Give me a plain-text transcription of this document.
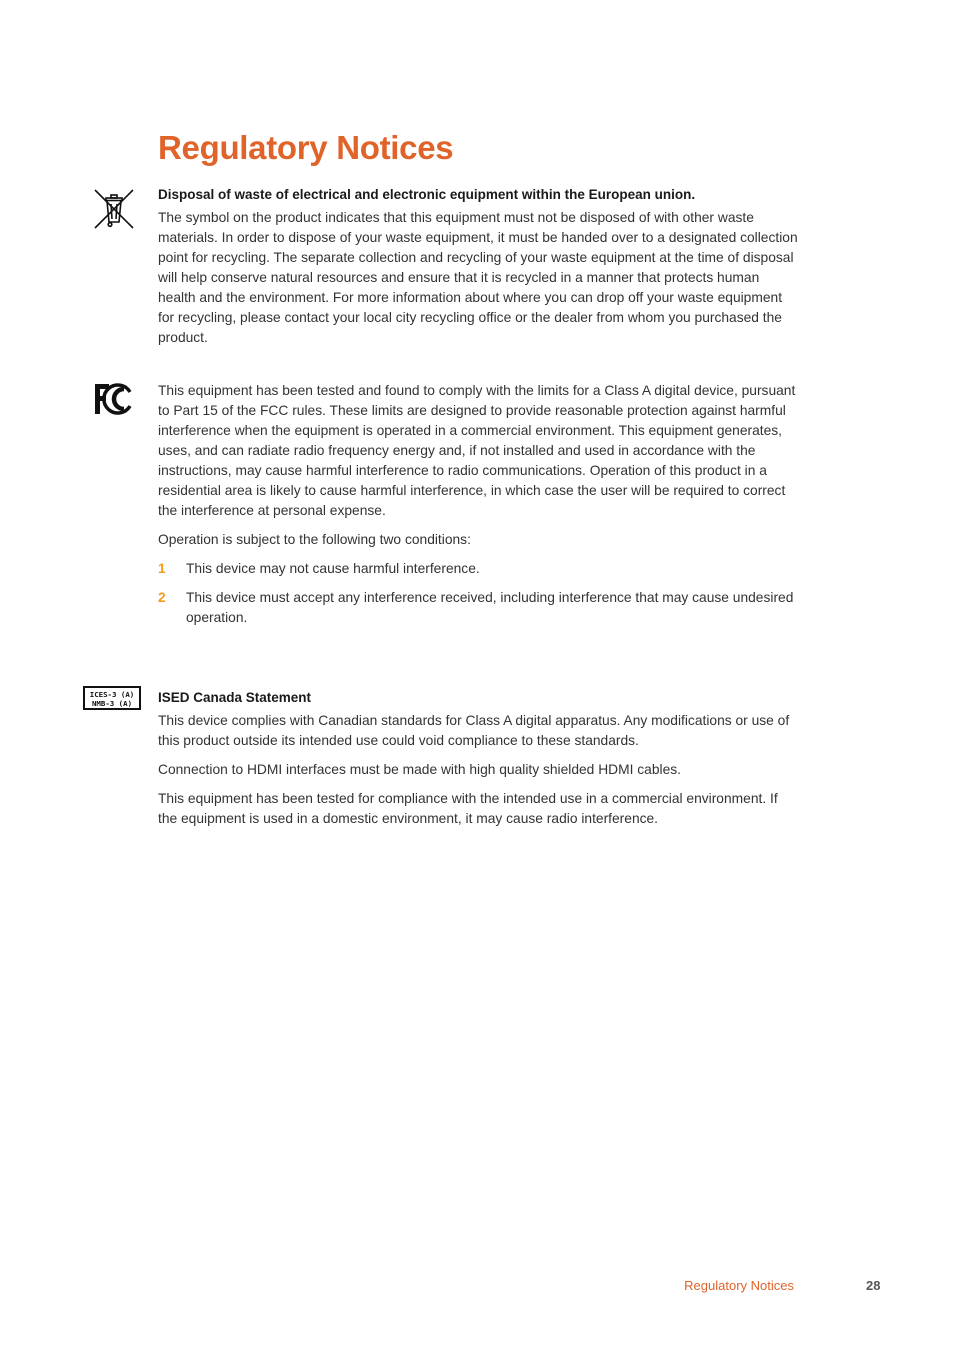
Regulatory Notices
Disposal of waste of electrical and electronic equipment within the European union.

The symbol on the product indicates that this equipment must not be disposed of with other waste materials. In order to dispose of your waste equipment, it must be handed over to a designated collection point for recycling. The separate collection and recycling of your waste equipment at the time of disposal will help conserve natural resources and ensure that it is recycled in a manner that protects human health and the environment. For more information about where you can drop off your waste equipment for recycling, please contact your local city recycling office or the dealer from whom you purchased the product.

This equipment has been tested and found to comply with the limits for a Class A digital device, pursuant to Part 15 of the FCC rules. These limits are designed to provide reasonable protection against harmful interference when the equipment is operated in a commercial environment. This equipment generates, uses, and can radiate radio frequency energy and, if not installed and used in accordance with the instructions, may cause harmful interference to radio communications. Operation of this product in a residential area is likely to cause harmful interference, in which case the user will be required to correct the interference at personal expense.

Operation is subject to the following two conditions:

1 This device may not cause harmful interference.
2 This device must accept any interference received, including interference that may cause undesired operation.
ICES-3 (A)
NMB-3 (A)	ISED Canada Statement

This device complies with Canadian standards for Class A digital apparatus. Any modifications or use of this product outside its intended use could void compliance to these standards.

Connection to HDMI interfaces must be made with high quality shielded HDMI cables.

This equipment has been tested for compliance with the intended use in a commercial environment. If the equipment is used in a domestic environment, it may cause radio interference.

Regulatory Notices	28
